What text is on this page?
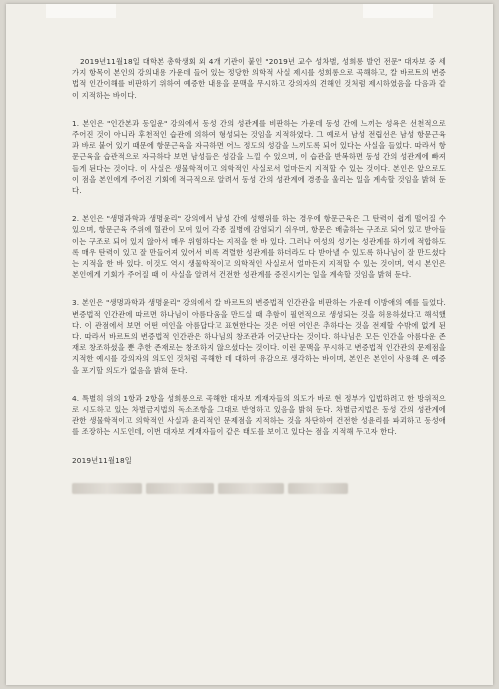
2019년11월18일 대학본 총학생회 외 4개 기관이 붙인 "2019년 교수 성차별, 성희롱 발언 전문" 대자보 중 세 가지 항목이 본인의 강의내용 가운데 들어 있는 정당한 의학적 사실 제시를 성희롱으로 곡해하고, 칼 바르트의 변증법적 인간이해를 비판하기 위하여 예증한 내용을 문맥을 무시하고 강의자의 견해인 것처럼 제시하였음을 다음과 같이 지적하는 바이다.

1. 본인은 "인간본과 동일운" 강의에서 동성 간의 성관계를 비판하는 가운데 동성 간에 느끼는 성욕은 선천적으로 주어진 것이 아니라 후천적인 습관에 의하여 형성되는 것임을 지적하였다. 그 예로서 남성 전립선은 남성 항문근육과 바로 붙어 있기 때문에 항문근육을 자극하면 어느 정도의 성감을 느끼도록 되어 있다는 사실을 들었다. 따라서 항문근육을 습관적으로 자극하다 보면 남성들은 성감을 느낄 수 있으며, 이 습관을 반복하면 동성 간의 성관계에 빠져들게 된다는 것이다. 이 사실은 생물학적이고 의학적인 사실로서 얼마든지 지적할 수 있는 것이다. 본인은 앞으로도 이 점을 본인에게 주어진 기회에 적극적으로 알려서 동성 간의 성관계에 경종을 울리는 일을 계속할 것임을 밝혀 둔다.

2. 본인은 "생명과학과 생명윤리" 강의에서 남성 간에 성행위를 하는 경우에 항문근육은 그 탄력이 쉽게 떨어질 수 있으며, 항문근육 주위에 혈관이 모여 있어 각종 질병에 감염되기 쉬우며, 항문은 배출하는 구조로 되어 있고 받아들이는 구조로 되어 있지 않아서 매우 위험하다는 지적을 한 바 있다. 그러나 여성의 성기는 성관계를 하기에 적합하도록 매우 탄력이 있고 잘 만들어져 있어서 비록 격렬한 성관계를 하더라도 다 받아낼 수 있도록 하나님이 잘 만드셨다는 지적을 한 바 있다. 이것도 역시 생물학적이고 의학적인 사실로서 얼마든지 지적할 수 있는 것이며, 역시 본인은 본인에게 기회가 주어질 때 이 사실을 알려서 건전한 성관계를 증진시키는 일을 계속할 것임을 밝혀 둔다.

3. 본인은 "생명과학과 생명윤리" 강의에서 칼 바르트의 변증법적 인간관을 비판하는 가운데 이방애의 예를 들었다. 변증법적 인간관에 따르면 하나님이 아름다움을 만드실 때 추함이 필연적으로 생성되는 것을 허용하셨다고 해석했다. 이 관점에서 보면 어떤 여인을 아름답다고 표현한다는 것은 어떤 여인은 추하다는 것을 전제할 수밖에 없게 된다. 따라서 바르트의 변증법적 인간관은 하나님의 창조관과 어긋난다는 것이다. 하나님은 모든 인간을 아름다운 존재로 창조하셨을 뿐 추한 존재로는 창조하지 않으셨다는 것이다. 이런 문맥을 무시하고 변증법적 인간관의 문제점을 지적한 예시를 강의자의 의도인 것처럼 곡해한 데 대하여 유감으로 생각하는 바이며, 본인은 본인이 사용해 온 예증을 포기할 의도가 없음을 밝혀 둔다.

4. 특별히 위의 1항과 2항을 성희롱으로 곡해한 대자보 게재자들의 의도가 바로 현 정부가 입법하려고 한 방위적으로 시도하고 있는 차별금지법의 독소조항을 그대로 반영하고 있음을 밝혀 둔다. 차별금지법은 동성 간의 성관계에 관한 생물학적이고 의학적인 사실과 윤리적인 문제점을 지적하는 것을 차단하여 건전한 성윤리를 파괴하고 동성애를 조장하는 시도인데, 이번 대자보 게재자들이 같은 태도를 보이고 있다는 점을 지적해 두고자 한다.

2019년11월18일
